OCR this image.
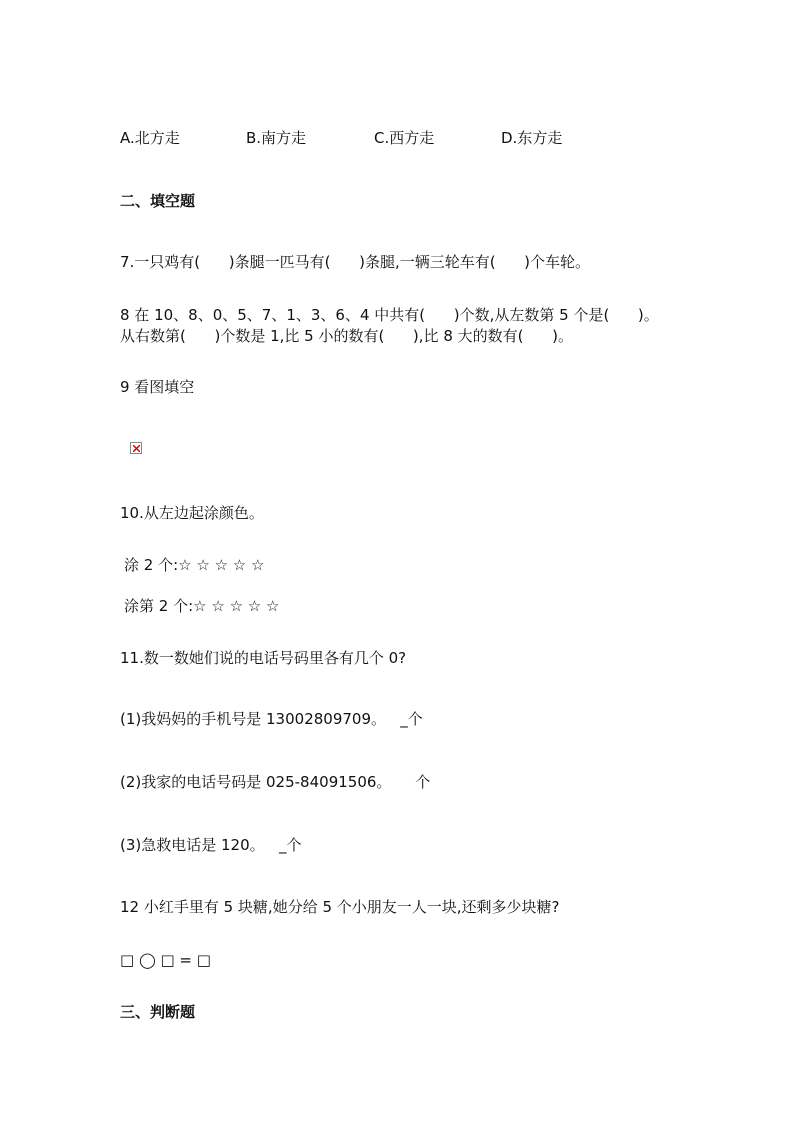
A.北方走	B.南方走	C.西方走	D.东方走
二、填空题
7.一只鸡有(      )条腿一匹马有(      )条腿,一辆三轮车有(      )个车轮。
8 在 10、8、0、5、7、1、3、6、4 中共有(      )个数,从左数第 5 个是(      )。
从右数第(      )个数是 1,比 5 小的数有(      ),比 8 大的数有(      )。
9 看图填空
10.从左边起涂颜色。
涂 2 个:☆ ☆ ☆ ☆ ☆
涂第 2 个:☆ ☆ ☆ ☆ ☆
11.数一数她们说的电话号码里各有几个 0?
(1)我妈妈的手机号是 13002809709。   _个
(2)我家的电话号码是 025-84091506。     个
(3)急救电话是 120。   _个
12 小红手里有 5 块糖,她分给 5 个小朋友一人一块,还剩多少块糖?
□ ◯ □ = □
三、判断题
